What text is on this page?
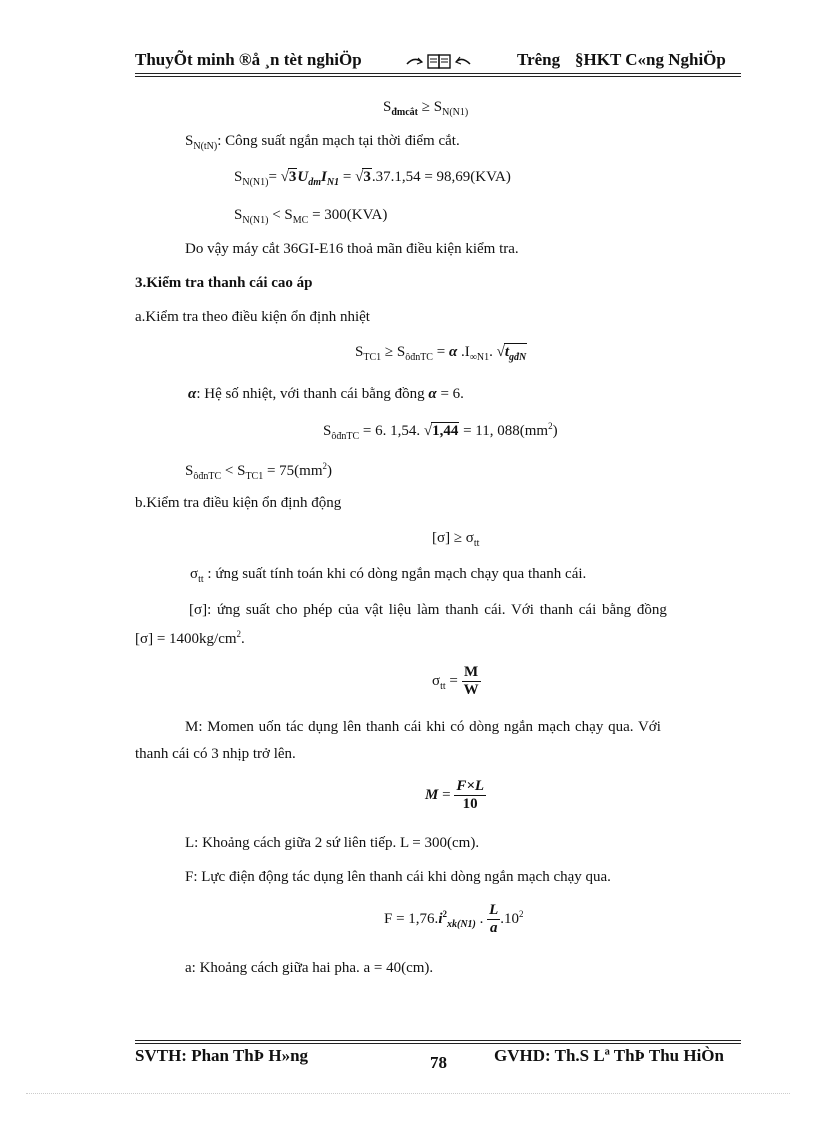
ThuyÕt minh ®å ¸n tèt nghiÖp	Trêng §HKT C«ng NghiÖp
$S_{đmcắt} \ge S_{N(N1)}$
$S_{N(tN)}$: Công suất ngắn mạch tại thời điểm cắt.
$S_{N(N1)}= √3U_{dm}I_{N1} = √3.37.1,54 = 98,69(KVA)$
$S_{N(N1)} < S_{MC} = 300(KVA)$
Do vậy máy cắt 36GI-E16 thoả mãn điều kiện kiểm tra.
3.Kiểm tra thanh cái cao áp
a.Kiểm tra theo điều kiện ổn định nhiệt
$S_{TC1} \ge S_{ôđnTC} = \alpha$ $.I_{\infty N1}$. $√t_{gđN}$
α: Hệ số nhiệt, với thanh cái bằng đồng α = 6.
$S_{ôđnTC} = 6$. 1,54. √1,44 = 11, $088(mm^2)$
$S_{ôđnTC} < S_{TC1} = 75(mm^2)$
b.Kiểm tra điều kiện ổn định động
$[\sigma] \ge \sigma_{tt}$
$\sigma_{tt}$ : ứng suất tính toán khi có dòng ngắn mạch chạy qua thanh cái.
[σ]: ứng suất cho phép của vật liệu làm thanh cái. Với thanh cái bằng đồng
$[\sigma] = 1400kg/cm^2$.
$\sigma_{tt} = \frac{M}{W}$
M: Momen uốn tác dụng lên thanh cái khi có dòng ngắn mạch chạy qua. Với
thanh cái có 3 nhịp trở lên.
$M = \frac{F\times L}{10}$
L: Khoảng cách giữa 2 sứ liên tiếp. L = 300(cm).
F: Lực điện động tác dụng lên thanh cái khi dòng ngắn mạch chạy qua.
$F = 1,76.i^2_{xk(N1)}$ . $\frac{L}{a} .10^2$
a: Khoảng cách giữa hai pha. a = 40(cm).
SVTH: Phan ThÞ H»ng	78	GVHD: Th.S Lª ThÞ Thu HiÒn
